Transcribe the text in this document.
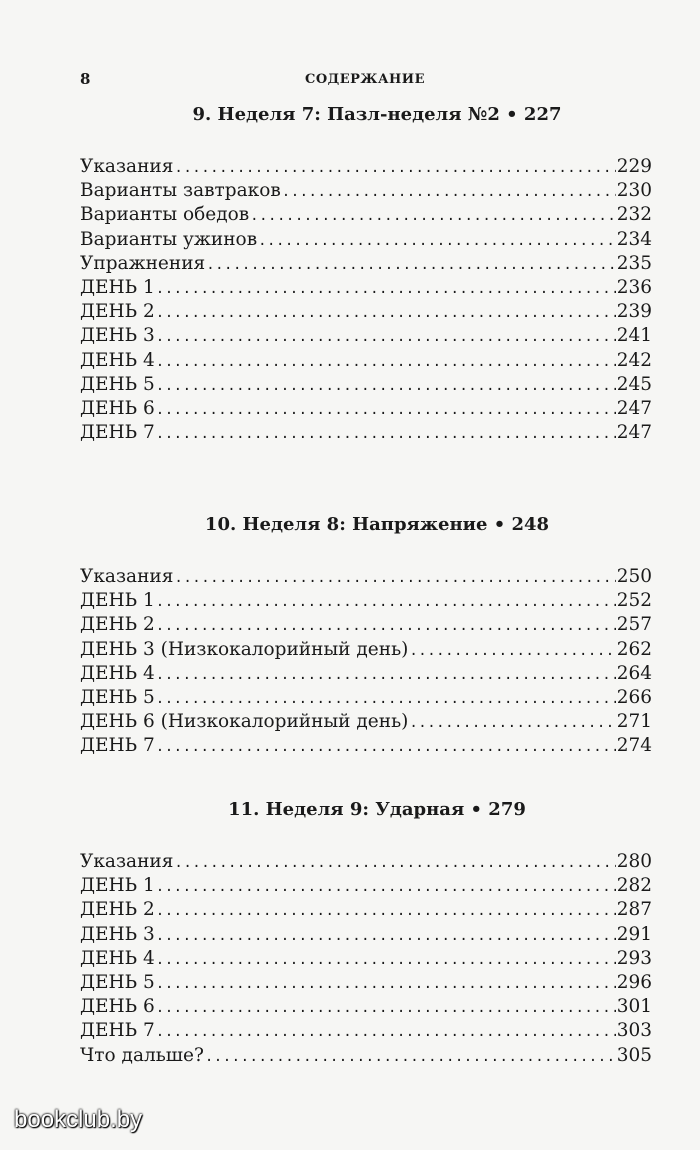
8	СОДЕРЖАНИЕ
9. Неделя 7: Пазл-неделя №2 • 227
Указания .....	229
Варианты завтраков .....	230
Варианты обедов .....	232
Варианты ужинов .....	234
Упражнения .....	235
ДЕНЬ 1 .....	236
ДЕНЬ 2 .....	239
ДЕНЬ 3 .....	241
ДЕНЬ 4 .....	242
ДЕНЬ 5 .....	245
ДЕНЬ 6 .....	247
ДЕНЬ 7 .....	247
10. Неделя 8: Напряжение • 248
Указания .....	250
ДЕНЬ 1 .....	252
ДЕНЬ 2 .....	257
ДЕНЬ 3 (Низкокалорийный день) .....	262
ДЕНЬ 4 .....	264
ДЕНЬ 5 .....	266
ДЕНЬ 6 (Низкокалорийный день) .....	271
ДЕНЬ 7 .....	274
11. Неделя 9: Ударная • 279
Указания .....	280
ДЕНЬ 1 .....	282
ДЕНЬ 2 .....	287
ДЕНЬ 3 .....	291
ДЕНЬ 4 .....	293
ДЕНЬ 5 .....	296
ДЕНЬ 6 .....	301
ДЕНЬ 7 .....	303
Что дальше? .....	305
bookclub.by
